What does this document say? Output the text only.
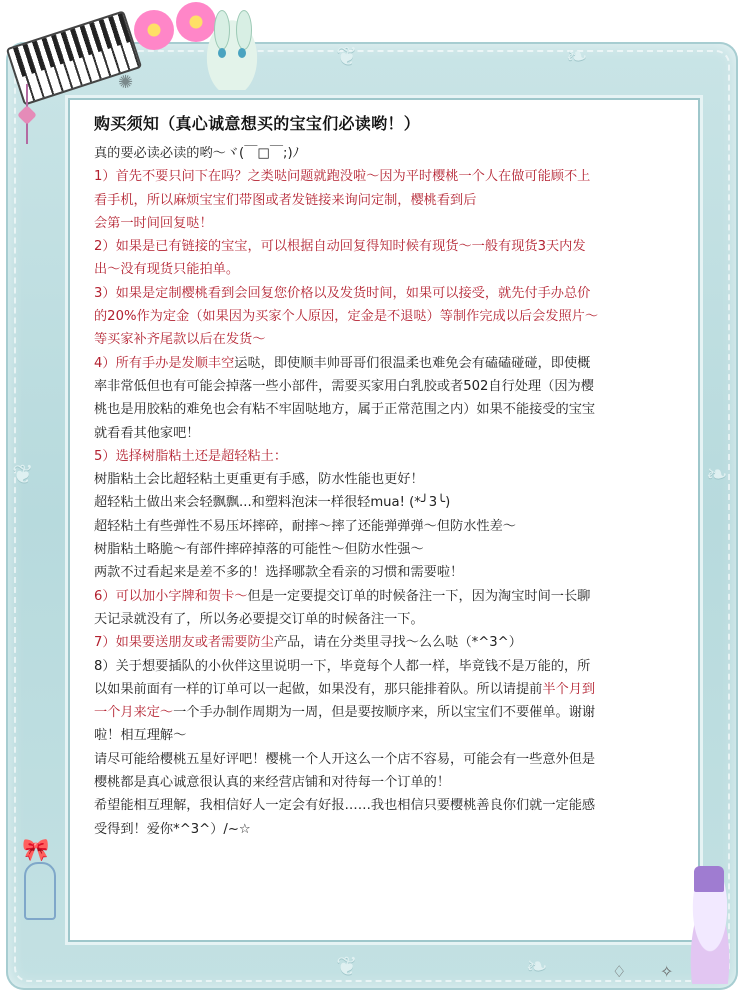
❦	❧
❦	❧
❦	❧
✺
🎀
♢ ✧
购买须知（真心诚意想买的宝宝们必读哟！）
真的要必读必读的哟～ヾ(￣□￣;)ﾉ
1）首先不要只问下在吗？之类哒问题就跑没啦～因为平时樱桃一个人在做可能顾不上
看手机，所以麻烦宝宝们带图或者发链接来询问定制，樱桃看到后
会第一时间回复哒！
2）如果是已有链接的宝宝，可以根据自动回复得知时候有现货～一般有现货3天内发
出～没有现货只能拍单。
3）如果是定制樱桃看到会回复您价格以及发货时间，如果可以接受，就先付手办总价
的20%作为定金（如果因为买家个人原因，定金是不退哒）等制作完成以后会发照片～
等买家补齐尾款以后在发货～
4）所有手办是发顺丰空运哒，即使顺丰帅哥哥们很温柔也难免会有磕磕碰碰，即使概
率非常低但也有可能会掉落一些小部件，需要买家用白乳胶或者502自行处理（因为樱
桃也是用胶粘的难免也会有粘不牢固哒地方，属于正常范围之内）如果不能接受的宝宝
就看看其他家吧！
5）选择树脂粘土还是超轻粘土：
树脂粘土会比超轻粘土更重更有手感，防水性能也更好！
超轻粘土做出来会轻飘飘...和塑料泡沫一样很轻mua! (*╯3╰)
超轻粘土有些弹性不易压坏摔碎，耐摔～摔了还能弹弹弹～但防水性差～
树脂粘土略脆～有部件摔碎掉落的可能性～但防水性强～
两款不过看起来是差不多的！选择哪款全看亲的习惯和需要啦！
6）可以加小字牌和贺卡～但是一定要提交订单的时候备注一下，因为淘宝时间一长聊
天记录就没有了，所以务必要提交订单的时候备注一下。
7）如果要送朋友或者需要防尘产品，请在分类里寻找～么么哒（*^3^）
8）关于想要插队的小伙伴这里说明一下，毕竟每个人都一样，毕竟钱不是万能的，所
以如果前面有一样的订单可以一起做，如果没有，那只能排着队。所以请提前半个月到
一个月来定～一个手办制作周期为一周，但是要按顺序来，所以宝宝们不要催单。谢谢
啦！相互理解～
请尽可能给樱桃五星好评吧！樱桃一个人开这么一个店不容易，可能会有一些意外但是
樱桃都是真心诚意很认真的来经营店铺和对待每一个订单的！
希望能相互理解，我相信好人一定会有好报……我也相信只要樱桃善良你们就一定能感
受得到！爱你*^3^）/~☆
